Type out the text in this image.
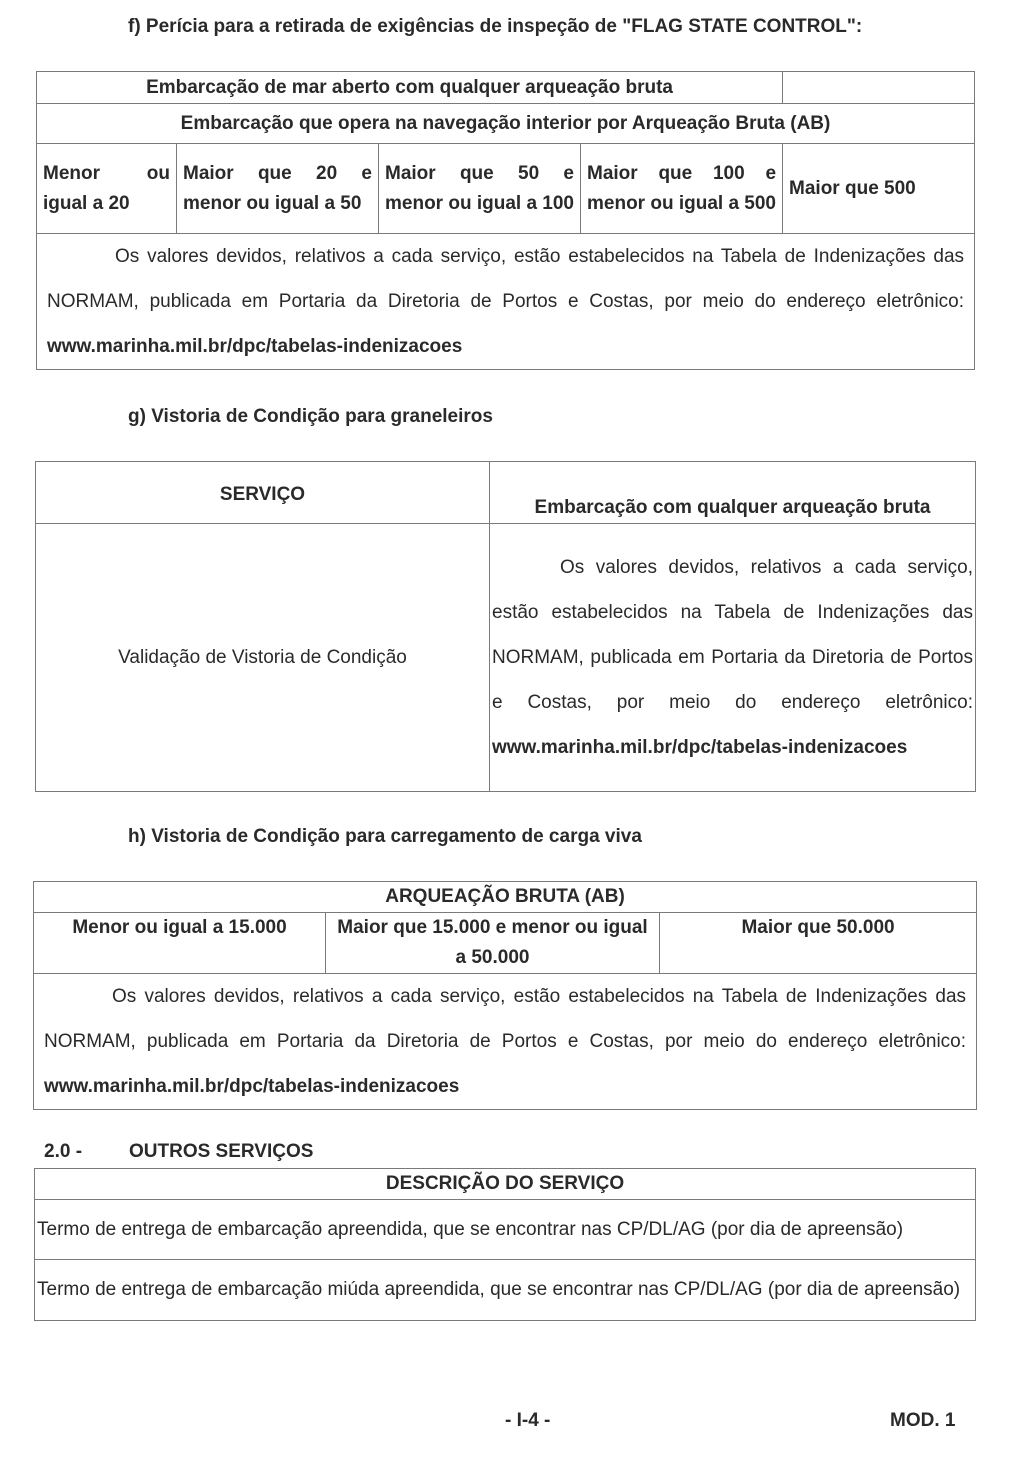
f) Perícia para a retirada de exigências de inspeção de "FLAG STATE CONTROL":
Embarcação de mar aberto com qualquer arqueação bruta				
Embarcação que opera na navegação interior por Arqueação Bruta (AB)				
Menor ou igual a 20	Maior que 20 e menor ou igual a 50	Maior que 50 e menor ou igual a 100	Maior que 100 e menor ou igual a 500	Maior que 500
Os valores devidos, relativos a cada serviço, estão estabelecidos na Tabela de Indenizações das NORMAM, publicada em Portaria da Diretoria de Portos e Costas, por meio do endereço eletrônico: www.marinha.mil.br/dpc/tabelas-indenizacoes				
g) Vistoria de Condição para graneleiros
SERVIÇO	Embarcação com qualquer arqueação bruta
Validação de Vistoria de Condição	Os valores devidos, relativos a cada serviço, estão estabelecidos na Tabela de Indenizações das NORMAM, publicada em Portaria da Diretoria de Portos e Costas, por meio do endereço eletrônico: www.marinha.mil.br/dpc/tabelas-indenizacoes
h) Vistoria de Condição para carregamento de carga viva
ARQUEAÇÃO BRUTA (AB)
Menor ou igual a 15.000	Maior que 15.000 e menor ou igual a 50.000	Maior que 50.000
Os valores devidos, relativos a cada serviço, estão estabelecidos na Tabela de Indenizações das NORMAM, publicada em Portaria da Diretoria de Portos e Costas, por meio do endereço eletrônico: www.marinha.mil.br/dpc/tabelas-indenizacoes
2.0 - OUTROS SERVIÇOS
DESCRIÇÃO DO SERVIÇO
Termo de entrega de embarcação apreendida, que se encontrar nas CP/DL/AG (por dia de apreensão)
Termo de entrega de embarcação miúda apreendida, que se encontrar nas CP/DL/AG (por dia de apreensão)
- I-4 -	MOD. 1
